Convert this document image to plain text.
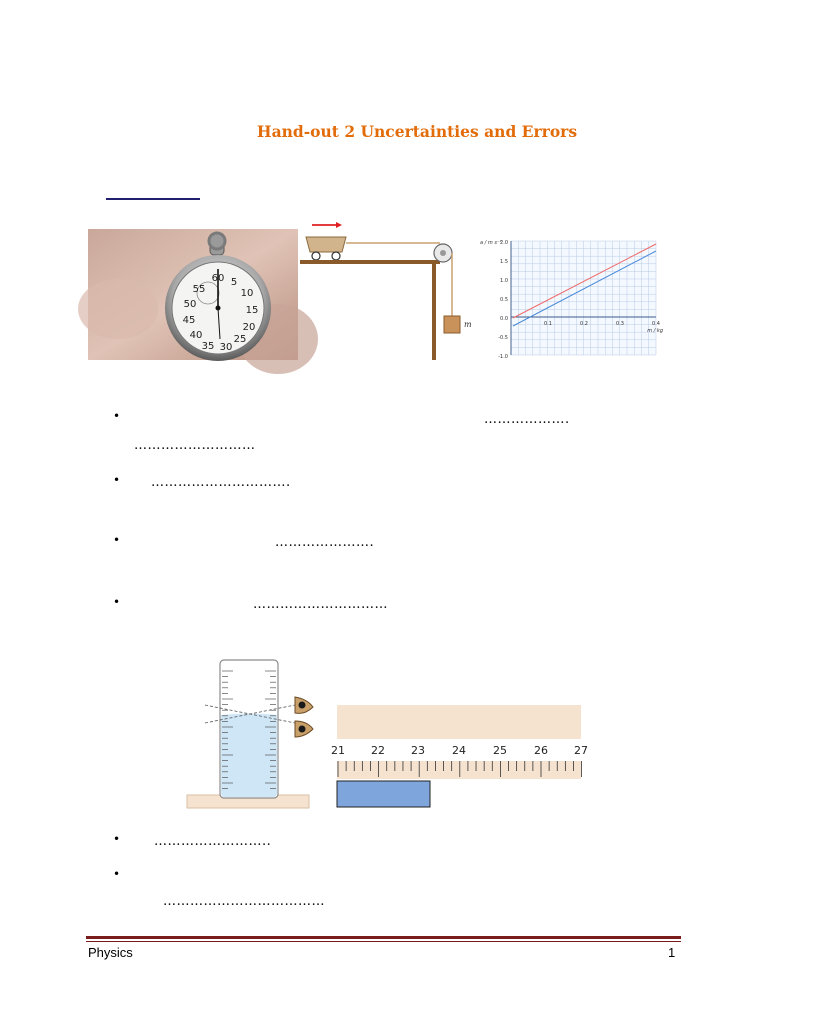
Hand-out 2 Uncertainties and Errors
60 5
10
15
20
25
30
35
40
45
50
55
m
2.0
1.5
1.0
0.5
0.0
-0.5
-1.0
0.1	0.2	0.3	0.4
a / m s⁻²
m / kg
•	……………….
………………………
• ………………………….
•	………………….
•	…………………………
21 22 23 24 25 26 27
•	……………………..
•
………………………………
Physics	1
